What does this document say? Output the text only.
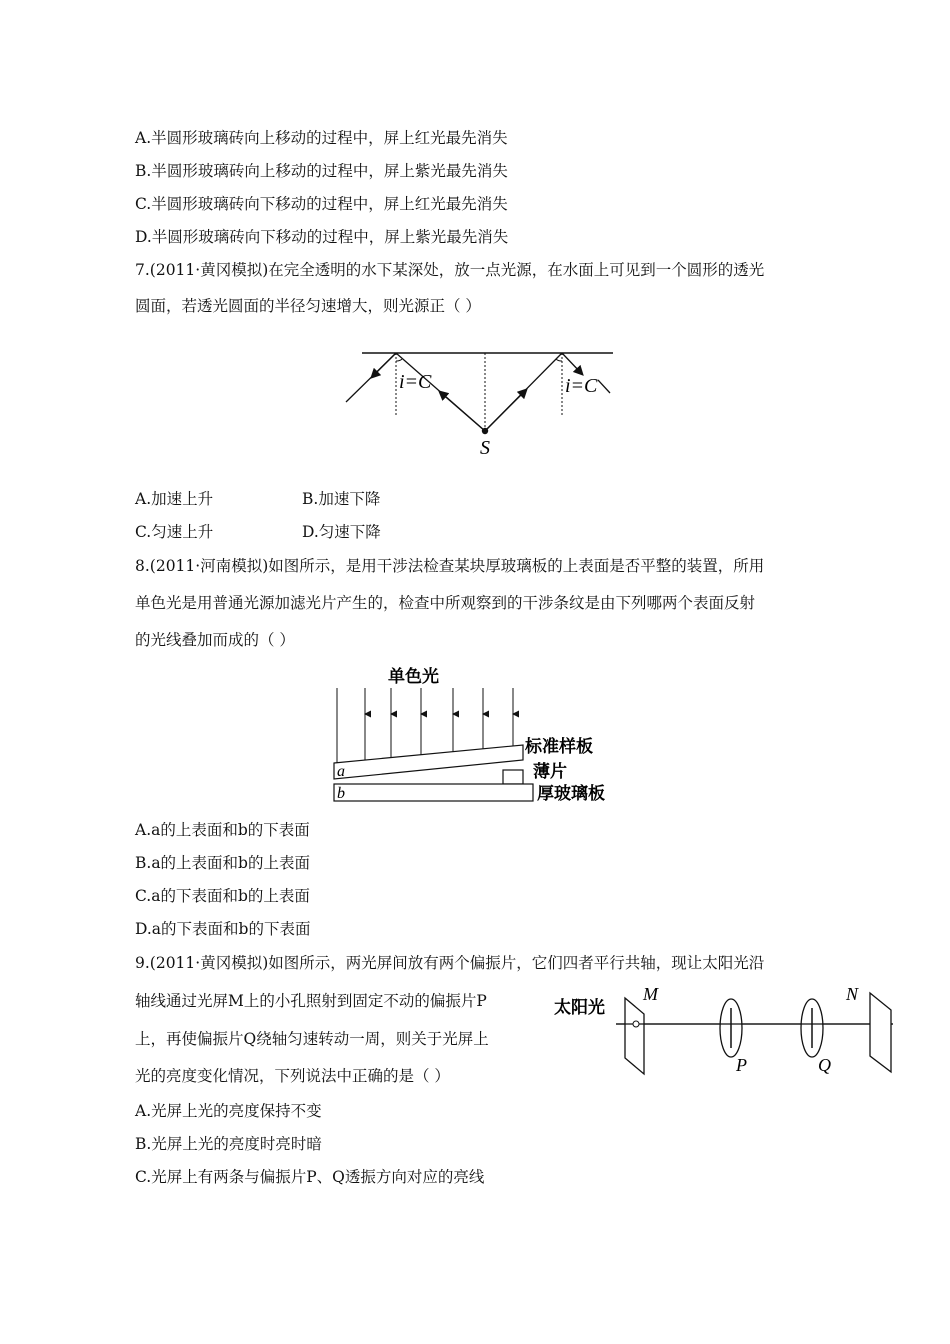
A.半圆形玻璃砖向上移动的过程中，屏上红光最先消失
B.半圆形玻璃砖向上移动的过程中，屏上紫光最先消失
C.半圆形玻璃砖向下移动的过程中，屏上红光最先消失
D.半圆形玻璃砖向下移动的过程中，屏上紫光最先消失
7.(2011·黄冈模拟)在完全透明的水下某深处，放一点光源，在水面上可见到一个圆形的透光
圆面，若透光圆面的半径匀速增大，则光源正（ ）
i=C	i=C
S
A.加速上升	B.加速下降
C.匀速上升	D.匀速下降
8.(2011·河南模拟)如图所示，是用干涉法检查某块厚玻璃板的上表面是否平整的装置，所用
单色光是用普通光源加滤光片产生的，检查中所观察到的干涉条纹是由下列哪两个表面反射
的光线叠加而成的（ ）
单色光
a
b
标准样板
薄片
厚玻璃板
A.a的上表面和b的下表面
B.a的上表面和b的上表面
C.a的下表面和b的上表面
D.a的下表面和b的下表面
9.(2011·黄冈模拟)如图所示，两光屏间放有两个偏振片，它们四者平行共轴，现让太阳光沿
轴线通过光屏M上的小孔照射到固定不动的偏振片P
上，再使偏振片Q绕轴匀速转动一周，则关于光屏上
光的亮度变化情况，下列说法中正确的是（ ）
太阳光
M
P	Q
N
A.光屏上光的亮度保持不变
B.光屏上光的亮度时亮时暗
C.光屏上有两条与偏振片P、Q透振方向对应的亮线
